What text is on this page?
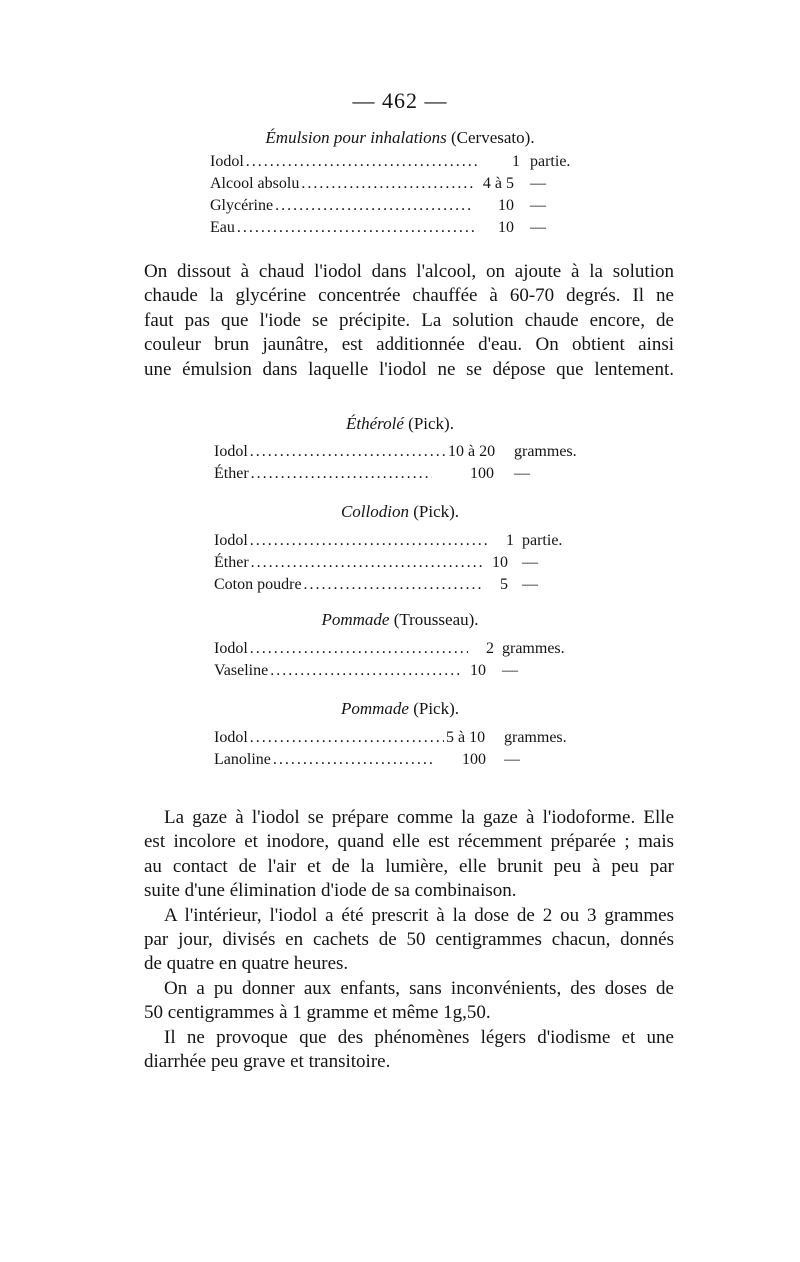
— 462 —
Émulsion pour inhalations (Cervesato).
Iodol . . .	1 partie.
Alcool absolu . . .	4 à 5	—
Glycérine . . .	10	—
Eau . . .	10	—
On dissout à chaud l'iodol dans l'alcool, on ajoute à la solution
chaude la glycérine concentrée chauffée à 60-70 degrés. Il ne
faut pas que l'iode se précipite. La solution chaude encore, de
couleur brun jaunâtre, est additionnée d'eau. On obtient ainsi
une émulsion dans laquelle l'iodol ne se dépose que lentement.
Éthérolé (Pick).
Iodol . . .	10 à 20	grammes.
Éther . . .	100	—
Collodion (Pick).
Iodol . . .	1 partie.
Éther . . .	10 —
Coton poudre . . .	5 —
Pommade (Trousseau).
Iodol . . .	2 grammes.
Vaseline . . .	10	—
Pommade (Pick).
Iodol . . .	5 à 10	grammes.
Lanoline . . .	100	—
La gaze à l'iodol se prépare comme la gaze à l'iodoforme. Elle
est incolore et inodore, quand elle est récemment préparée ; mais
au contact de l'air et de la lumière, elle brunit peu à peu par
suite d'une élimination d'iode de sa combinaison.
A l'intérieur, l'iodol a été prescrit à la dose de 2 ou 3 grammes
par jour, divisés en cachets de 50 centigrammes chacun, donnés
de quatre en quatre heures.
On a pu donner aux enfants, sans inconvénients, des doses de
50 centigrammes à 1 gramme et même 1g,50.
Il ne provoque que des phénomènes légers d'iodisme et une
diarrhée peu grave et transitoire.
